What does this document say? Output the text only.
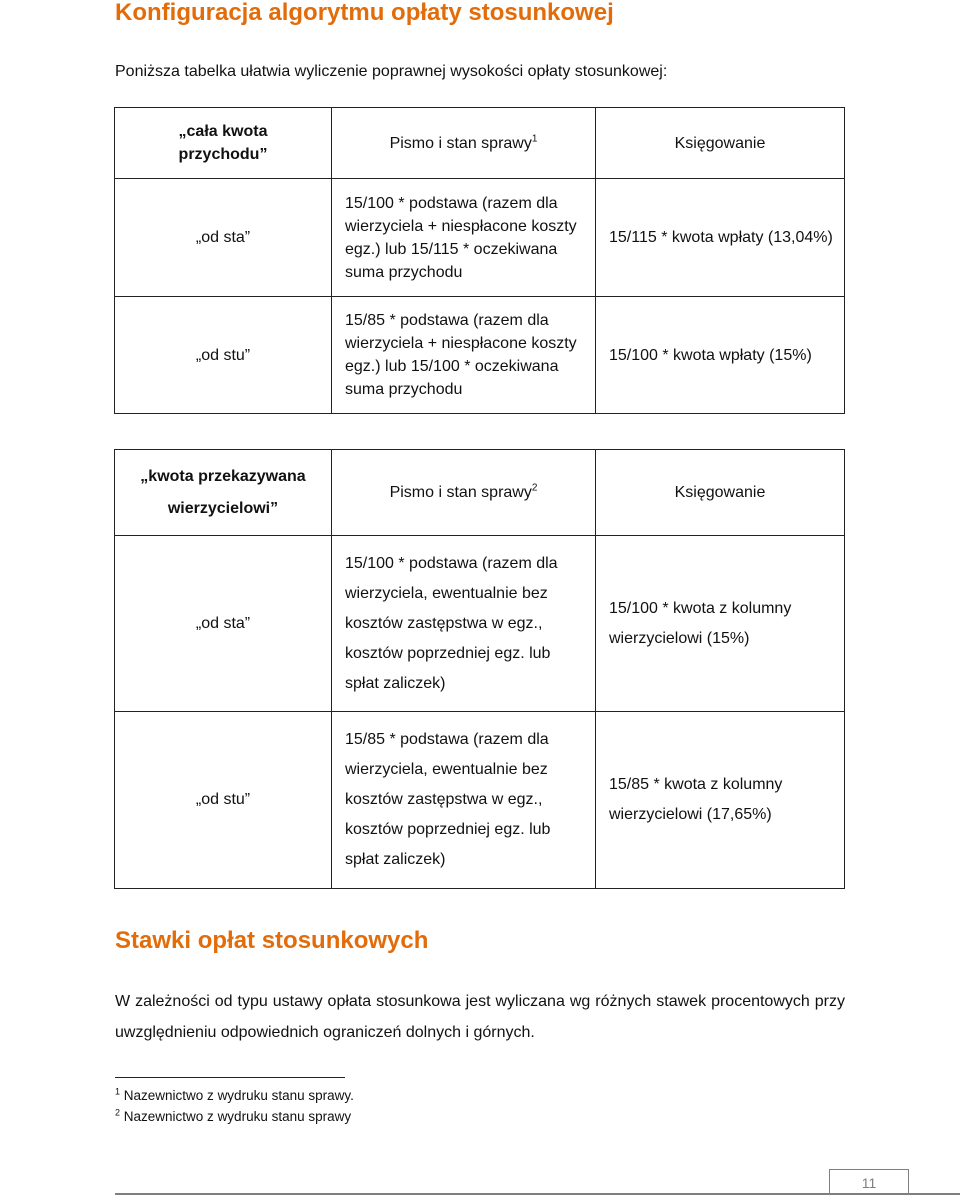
Konfiguracja algorytmu opłaty stosunkowej

Poniższa tabelka ułatwia wyliczenie poprawnej wysokości opłaty stosunkowej:

„cała kwota przychodu”	Pismo i stan sprawy$^1$	Księgowanie
„od sta”	15/100 * podstawa (razem dla wierzyciela + niespłacone koszty egz.) lub 15/115 * oczekiwana suma przychodu	15/115 * kwota wpłaty (13,04%)
„od stu”	15/85 * podstawa (razem dla wierzyciela + niespłacone koszty egz.) lub 15/100 * oczekiwana suma przychodu	15/100 * kwota wpłaty (15%)
„kwota przekazywana wierzycielowi”	Pismo i stan sprawy$^2$	Księgowanie
„od sta”	15/100 * podstawa (razem dla wierzyciela, ewentualnie bez kosztów zastępstwa w egz., kosztów poprzedniej egz. lub spłat zaliczek)	15/100 * kwota z kolumny wierzycielowi (15%)
„od stu”	15/85 * podstawa (razem dla wierzyciela, ewentualnie bez kosztów zastępstwa w egz., kosztów poprzedniej egz. lub spłat zaliczek)	15/85 * kwota z kolumny wierzycielowi (17,65%)
Stawki opłat stosunkowych

W zależności od typu ustawy opłata stosunkowa jest wyliczana wg różnych stawek procentowych przy uwzględnieniu odpowiednich ograniczeń dolnych i górnych.

$^1$ Nazewnictwo z wydruku stanu sprawy.

$^2$ Nazewnictwo z wydruku stanu sprawy

11
